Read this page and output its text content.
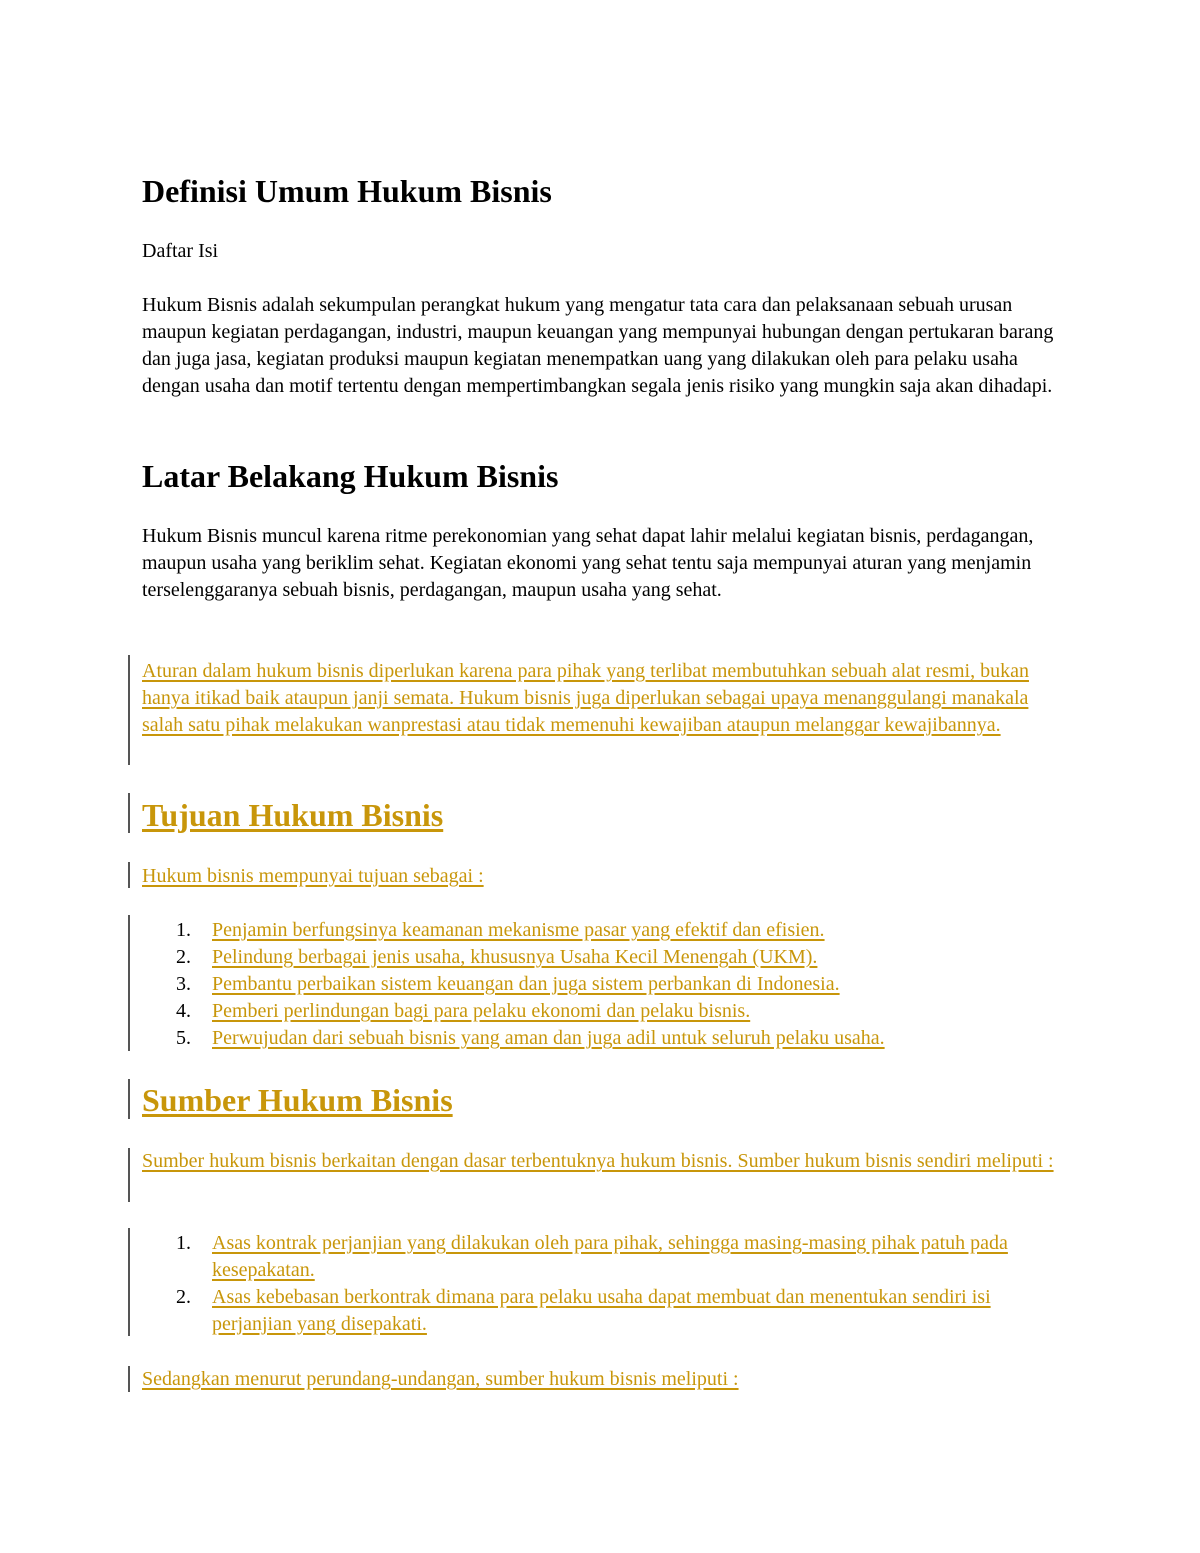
Definisi Umum Hukum Bisnis

Daftar Isi

Hukum Bisnis adalah sekumpulan perangkat hukum yang mengatur tata cara dan pelaksanaan sebuah urusan maupun kegiatan perdagangan, industri, maupun keuangan yang mempunyai hubungan dengan pertukaran barang dan juga jasa, kegiatan produksi maupun kegiatan menempatkan uang yang dilakukan oleh para pelaku usaha dengan usaha dan motif tertentu dengan mempertimbangkan segala jenis risiko yang mungkin saja akan dihadapi.

Latar Belakang Hukum Bisnis

Hukum Bisnis muncul karena ritme perekonomian yang sehat dapat lahir melalui kegiatan bisnis, perdagangan, maupun usaha yang beriklim sehat. Kegiatan ekonomi yang sehat tentu saja mempunyai aturan yang menjamin terselenggaranya sebuah bisnis, perdagangan, maupun usaha yang sehat.

Aturan dalam hukum bisnis diperlukan karena para pihak yang terlibat membutuhkan sebuah alat resmi, bukan hanya itikad baik ataupun janji semata. Hukum bisnis juga diperlukan sebagai upaya menanggulangi manakala salah satu pihak melakukan wanprestasi atau tidak memenuhi kewajiban ataupun melanggar kewajibannya.

Tujuan Hukum Bisnis

Hukum bisnis mempunyai tujuan sebagai :

1. Penjamin berfungsinya keamanan mekanisme pasar yang efektif dan efisien.
2. Pelindung berbagai jenis usaha, khususnya Usaha Kecil Menengah (UKM).
3. Pembantu perbaikan sistem keuangan dan juga sistem perbankan di Indonesia.
4. Pemberi perlindungan bagi para pelaku ekonomi dan pelaku bisnis.
5. Perwujudan dari sebuah bisnis yang aman dan juga adil untuk seluruh pelaku usaha.
Sumber Hukum Bisnis

Sumber hukum bisnis berkaitan dengan dasar terbentuknya hukum bisnis. Sumber hukum bisnis sendiri meliputi :

1. Asas kontrak perjanjian yang dilakukan oleh para pihak, sehingga masing-masing pihak patuh pada kesepakatan.
2. Asas kebebasan berkontrak dimana para pelaku usaha dapat membuat dan menentukan sendiri isi perjanjian yang disepakati.

Sedangkan menurut perundang-undangan, sumber hukum bisnis meliputi :
